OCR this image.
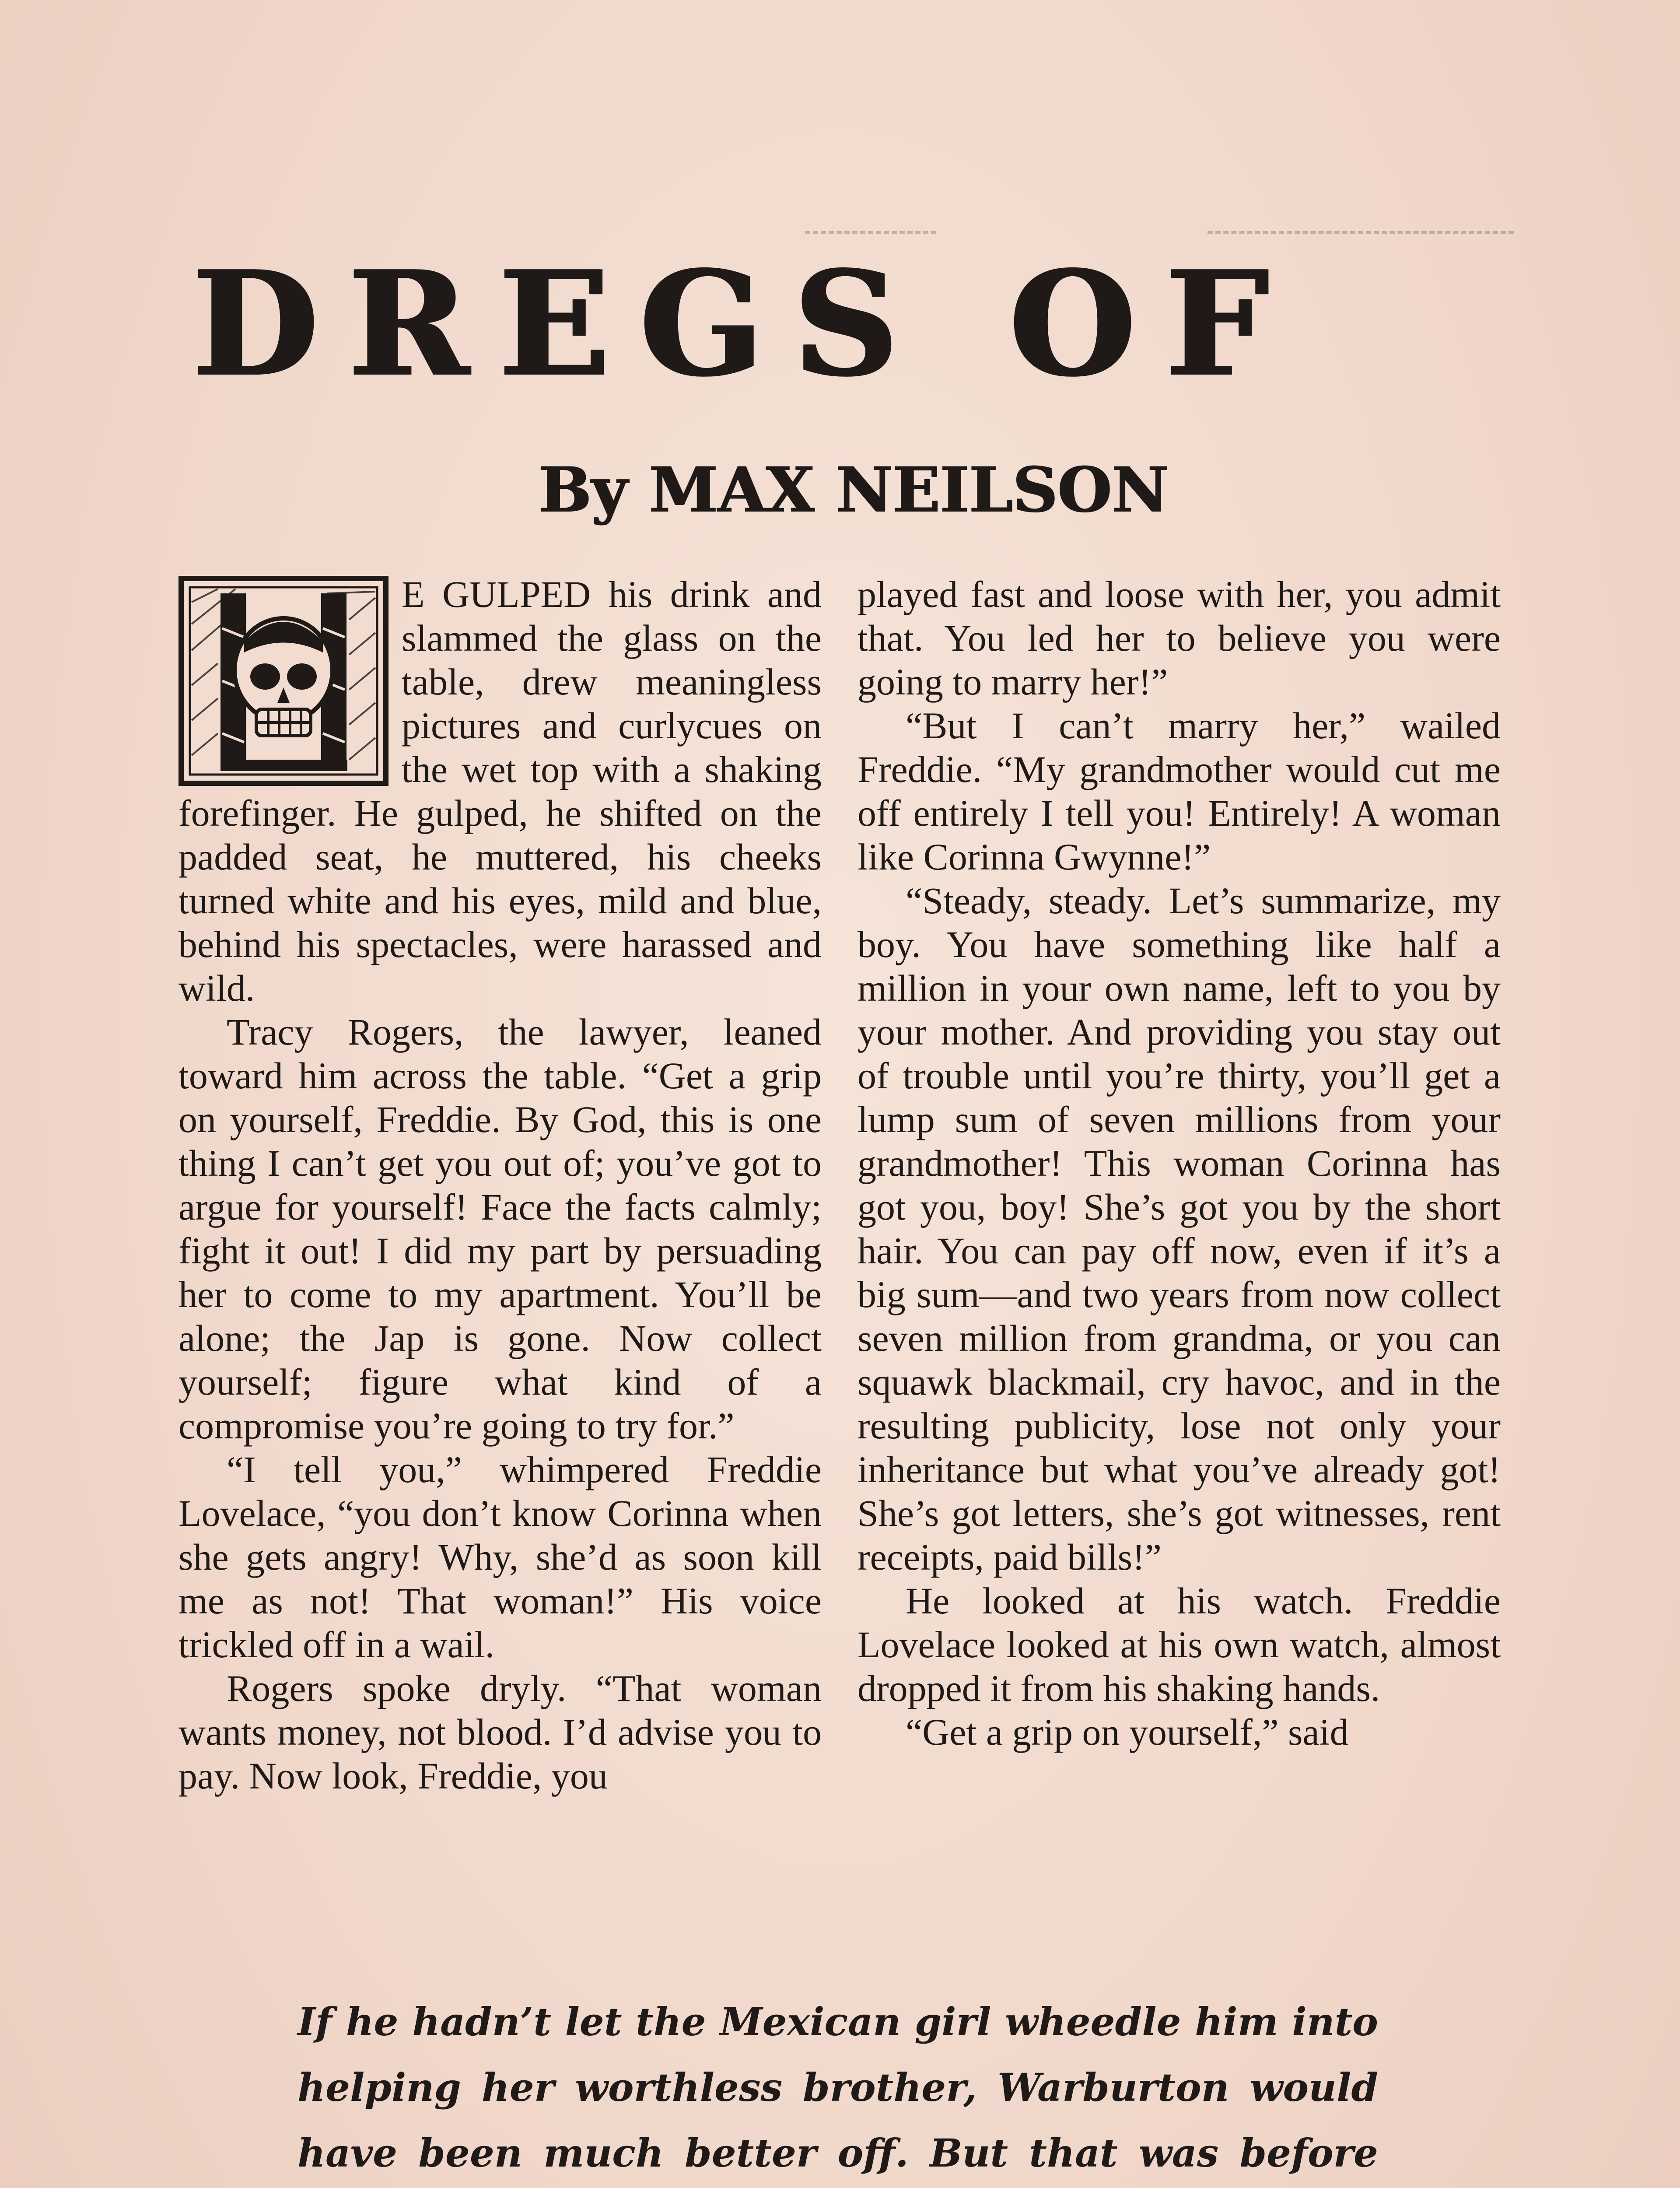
DREGS OF
By MAX NEILSON

E GULPED his drink and slammed the glass on the table, drew meaningless pictures and curlycues on the wet top with a shaking forefinger. He gulped, he shifted on the padded seat, he muttered, his cheeks turned white and his eyes, mild and blue, behind his spectacles, were harassed and wild.

Tracy Rogers, the lawyer, leaned toward him across the table. “Get a grip on yourself, Freddie. By God, this is one thing I can’t get you out of; you’ve got to argue for yourself! Face the facts calmly; fight it out! I did my part by persuading her to come to my apartment. You’ll be alone; the Jap is gone. Now collect yourself; figure what kind of a compromise you’re going to try for.”

“I tell you,” whimpered Freddie Lovelace, “you don’t know Corinna when she gets angry! Why, she’d as soon kill me as not! That woman!” His voice trickled off in a wail.

Rogers spoke dryly. “That woman wants money, not blood. I’d advise you to pay. Now look, Freddie, you

played fast and loose with her, you admit that. You led her to believe you were going to marry her!”

“But I can’t marry her,” wailed Freddie. “My grandmother would cut me off entirely I tell you! Entirely! A woman like Corinna Gwynne!”

“Steady, steady. Let’s summarize, my boy. You have something like half a million in your own name, left to you by your mother. And providing you stay out of trouble until you’re thirty, you’ll get a lump sum of seven millions from your grandmother! This woman Corinna has got you, boy! She’s got you by the short hair. You can pay off now, even if it’s a big sum—and two years from now collect seven million from grandma, or you can squawk blackmail, cry havoc, and in the resulting publicity, lose not only your inheritance but what you’ve already got! She’s got letters, she’s got witnesses, rent receipts, paid bills!”

He looked at his watch. Freddie Lovelace looked at his own watch, almost dropped it from his shaking hands.

“Get a grip on yourself,” said

If he hadn’t let the Mexican girl wheedle him into helping her worthless brother, Warburton would have been much better off. But that was before
